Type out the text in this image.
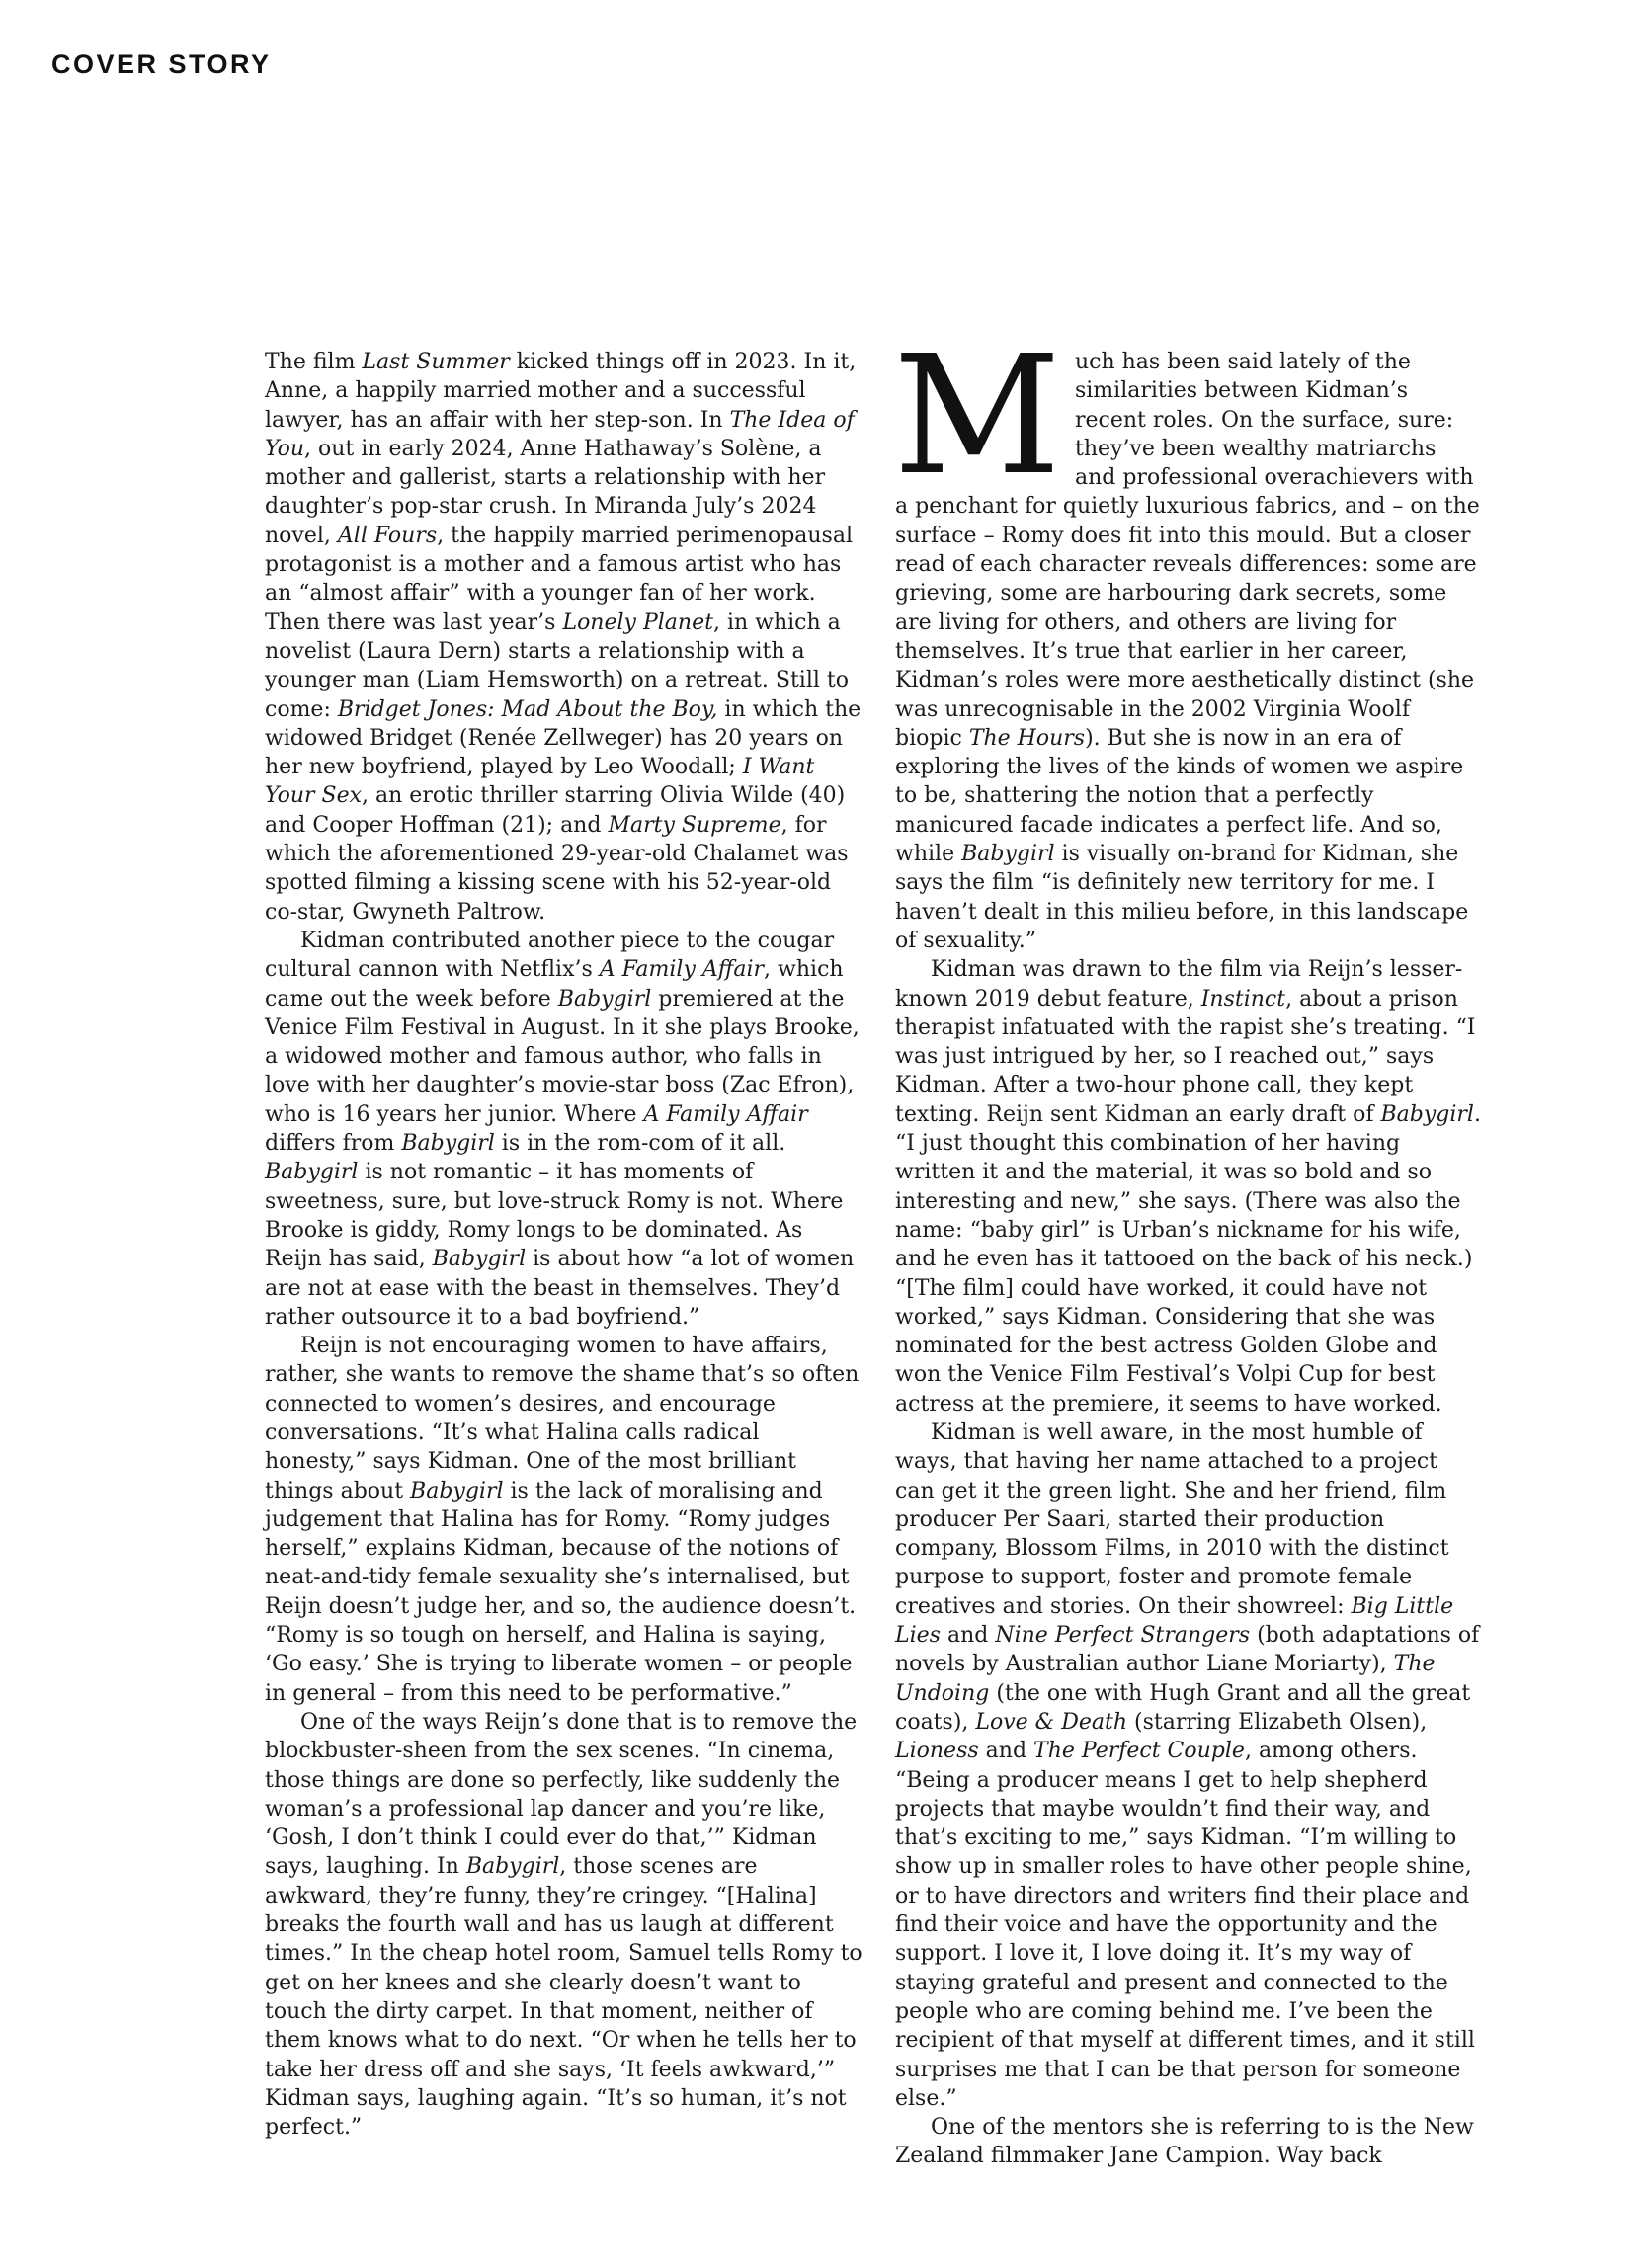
COVER STORY

The film Last Summer kicked things off in 2023. In it, Anne, a happily married mother and a successful lawyer, has an affair with her step-son. In The Idea of You, out in early 2024, Anne Hathaway’s Solène, a mother and gallerist, starts a relationship with her daughter’s pop-star crush. In Miranda July’s 2024 novel, All Fours, the happily married perimenopausal protagonist is a mother and a famous artist who has an “almost affair” with a younger fan of her work. Then there was last year’s Lonely Planet, in which a novelist (Laura Dern) starts a relationship with a younger man (Liam Hemsworth) on a retreat. Still to come: Bridget Jones: Mad About the Boy, in which the widowed Bridget (Renée Zellweger) has 20 years on her new boyfriend, played by Leo Woodall; I Want Your Sex, an erotic thriller starring Olivia Wilde (40) and Cooper Hoffman (21); and Marty Supreme, for which the aforementioned 29-year-old Chalamet was spotted filming a kissing scene with his 52-year-old co-star, Gwyneth Paltrow.

Kidman contributed another piece to the cougar cultural cannon with Netflix’s A Family Affair, which came out the week before Babygirl premiered at the Venice Film Festival in August. In it she plays Brooke, a widowed mother and famous author, who falls in love with her daughter’s movie-star boss (Zac Efron), who is 16 years her junior. Where A Family Affair differs from Babygirl is in the rom-com of it all. Babygirl is not romantic – it has moments of sweetness, sure, but love-struck Romy is not. Where Brooke is giddy, Romy longs to be dominated. As Reijn has said, Babygirl is about how “a lot of women are not at ease with the beast in themselves. They’d rather outsource it to a bad boyfriend.”

Reijn is not encouraging women to have affairs, rather, she wants to remove the shame that’s so often connected to women’s desires, and encourage conversations. “It’s what Halina calls radical honesty,” says Kidman. One of the most brilliant things about Babygirl is the lack of moralising and judgement that Halina has for Romy. “Romy judges herself,” explains Kidman, because of the notions of neat-and-tidy female sexuality she’s internalised, but Reijn doesn’t judge her, and so, the audience doesn’t. “Romy is so tough on herself, and Halina is saying, ‘Go easy.’ She is trying to liberate women – or people in general – from this need to be performative.”

One of the ways Reijn’s done that is to remove the blockbuster-sheen from the sex scenes. “In cinema, those things are done so perfectly, like suddenly the woman’s a professional lap dancer and you’re like, ‘Gosh, I don’t think I could ever do that,’” Kidman says, laughing. In Babygirl, those scenes are awkward, they’re funny, they’re cringey. “[Halina] breaks the fourth wall and has us laugh at different times.” In the cheap hotel room, Samuel tells Romy to get on her knees and she clearly doesn’t want to touch the dirty carpet. In that moment, neither of them knows what to do next. “Or when he tells her to take her dress off and she says, ‘It feels awkward,’” Kidman says, laughing again. “It’s so human, it’s not perfect.”

M uch has been said lately of the similarities between Kidman’s recent roles. On the surface, sure: they’ve been wealthy matriarchs and professional overachievers with a penchant for quietly luxurious fabrics, and – on the surface – Romy does fit into this mould. But a closer read of each character reveals differences: some are grieving, some are harbouring dark secrets, some are living for others, and others are living for themselves. It’s true that earlier in her career, Kidman’s roles were more aesthetically distinct (she was unrecognisable in the 2002 Virginia Woolf biopic The Hours). But she is now in an era of exploring the lives of the kinds of women we aspire to be, shattering the notion that a perfectly manicured facade indicates a perfect life. And so, while Babygirl is visually on-brand for Kidman, she says the film “is definitely new territory for me. I haven’t dealt in this milieu before, in this landscape of sexuality.”

Kidman was drawn to the film via Reijn’s lesser-known 2019 debut feature, Instinct, about a prison therapist infatuated with the rapist she’s treating. “I was just intrigued by her, so I reached out,” says Kidman. After a two-hour phone call, they kept texting. Reijn sent Kidman an early draft of Babygirl. “I just thought this combination of her having written it and the material, it was so bold and so interesting and new,” she says. (There was also the name: “baby girl” is Urban’s nickname for his wife, and he even has it tattooed on the back of his neck.) “[The film] could have worked, it could have not worked,” says Kidman. Considering that she was nominated for the best actress Golden Globe and won the Venice Film Festival’s Volpi Cup for best actress at the premiere, it seems to have worked.

Kidman is well aware, in the most humble of ways, that having her name attached to a project can get it the green light. She and her friend, film producer Per Saari, started their production company, Blossom Films, in 2010 with the distinct purpose to support, foster and promote female creatives and stories. On their showreel: Big Little Lies and Nine Perfect Strangers (both adaptations of novels by Australian author Liane Moriarty), The Undoing (the one with Hugh Grant and all the great coats), Love & Death (starring Elizabeth Olsen), Lioness and The Perfect Couple, among others. “Being a producer means I get to help shepherd projects that maybe wouldn’t find their way, and that’s exciting to me,” says Kidman. “I’m willing to show up in smaller roles to have other people shine, or to have directors and writers find their place and find their voice and have the opportunity and the support. I love it, I love doing it. It’s my way of staying grateful and present and connected to the people who are coming behind me. I’ve been the recipient of that myself at different times, and it still surprises me that I can be that person for someone else.”

One of the mentors she is referring to is the New Zealand filmmaker Jane Campion. Way back
